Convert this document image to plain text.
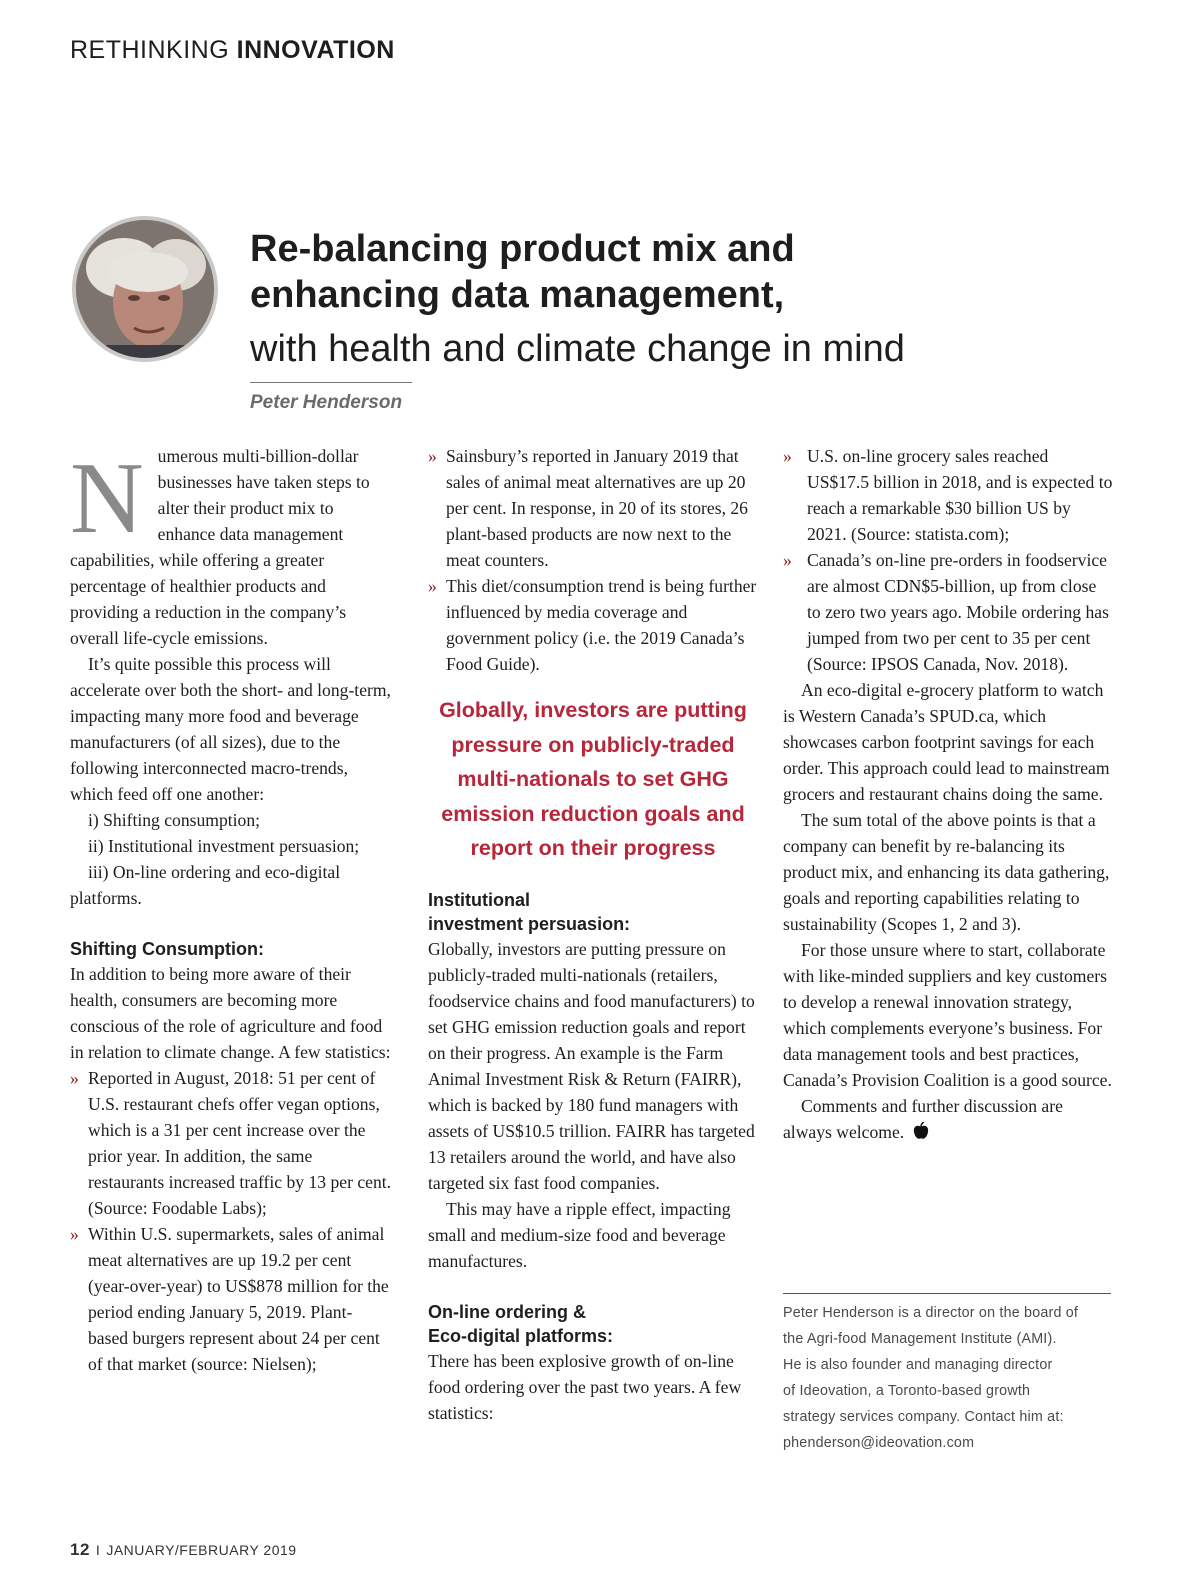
RETHINKING INNOVATION
Re-balancing product mix and
enhancing data management,
with health and climate change in mind
Peter Henderson

Numerous multi-billion-dollar businesses have taken steps to alter their product mix to enhance data management capabilities, while offering a greater percentage of healthier products and providing a reduction in the company’s overall life-cycle emissions.

It’s quite possible this process will accelerate over both the short- and long-term, impacting many more food and beverage manufacturers (of all sizes), due to the following interconnected macro-trends, which feed off one another:

i) Shifting consumption;

ii) Institutional investment persuasion;

iii) On-line ordering and eco-digital platforms.

Shifting Consumption:

In addition to being more aware of their health, consumers are becoming more conscious of the role of agriculture and food in relation to climate change. A few statistics:

» Reported in August, 2018: 51 per cent of U.S. restaurant chefs offer vegan options, which is a 31 per cent increase over the prior year. In addition, the same restaurants increased traffic by 13 per cent. (Source: Foodable Labs);

» Within U.S. supermarkets, sales of animal meat alternatives are up 19.2 per cent (year-over-year) to US$878 million for the period ending January 5, 2019. Plant-based burgers represent about 24 per cent of that market (source: Nielsen);

» Sainsbury’s reported in January 2019 that sales of animal meat alternatives are up 20 per cent. In response, in 20 of its stores, 26 plant-based products are now next to the meat counters.

» This diet/consumption trend is being further influenced by media coverage and government policy (i.e. the 2019 Canada’s Food Guide).

Globally, investors are putting pressure on publicly-traded multi-nationals to set GHG emission reduction goals and report on their progress

Institutional
investment persuasion:

Globally, investors are putting pressure on publicly-traded multi-nationals (retailers, foodservice chains and food manufacturers) to set GHG emission reduction goals and report on their progress. An example is the Farm Animal Investment Risk & Return (FAIRR), which is backed by 180 fund managers with assets of US$10.5 trillion. FAIRR has targeted 13 retailers around the world, and have also targeted six fast food companies.

This may have a ripple effect, impacting small and medium-size food and beverage manufactures.

On-line ordering &
Eco-digital platforms:

There has been explosive growth of on-line food ordering over the past two years. A few statistics:

» U.S. on-line grocery sales reached US$17.5 billion in 2018, and is expected to reach a remarkable $30 billion US by 2021. (Source: statista.com);

» Canada’s on-line pre-orders in foodservice are almost CDN$5-billion, up from close to zero two years ago. Mobile ordering has jumped from two per cent to 35 per cent (Source: IPSOS Canada, Nov. 2018).

An eco-digital e-grocery platform to watch is Western Canada’s SPUD.ca, which showcases carbon footprint savings for each order. This approach could lead to mainstream grocers and restaurant chains doing the same.

The sum total of the above points is that a company can benefit by re-balancing its product mix, and enhancing its data gathering, goals and reporting capabilities relating to sustainability (Scopes 1, 2 and 3).

For those unsure where to start, collaborate with like-minded suppliers and key customers to develop a renewal innovation strategy, which complements everyone’s business. For data management tools and best practices, Canada’s Provision Coalition is a good source.

Comments and further discussion are always welcome.

Peter Henderson is a director on the board of
the Agri-food Management Institute (AMI).
He is also founder and managing director
of Ideovation, a Toronto-based growth
strategy services company. Contact him at:
phenderson@ideovation.com
12 I JANUARY/FEBRUARY 2019
